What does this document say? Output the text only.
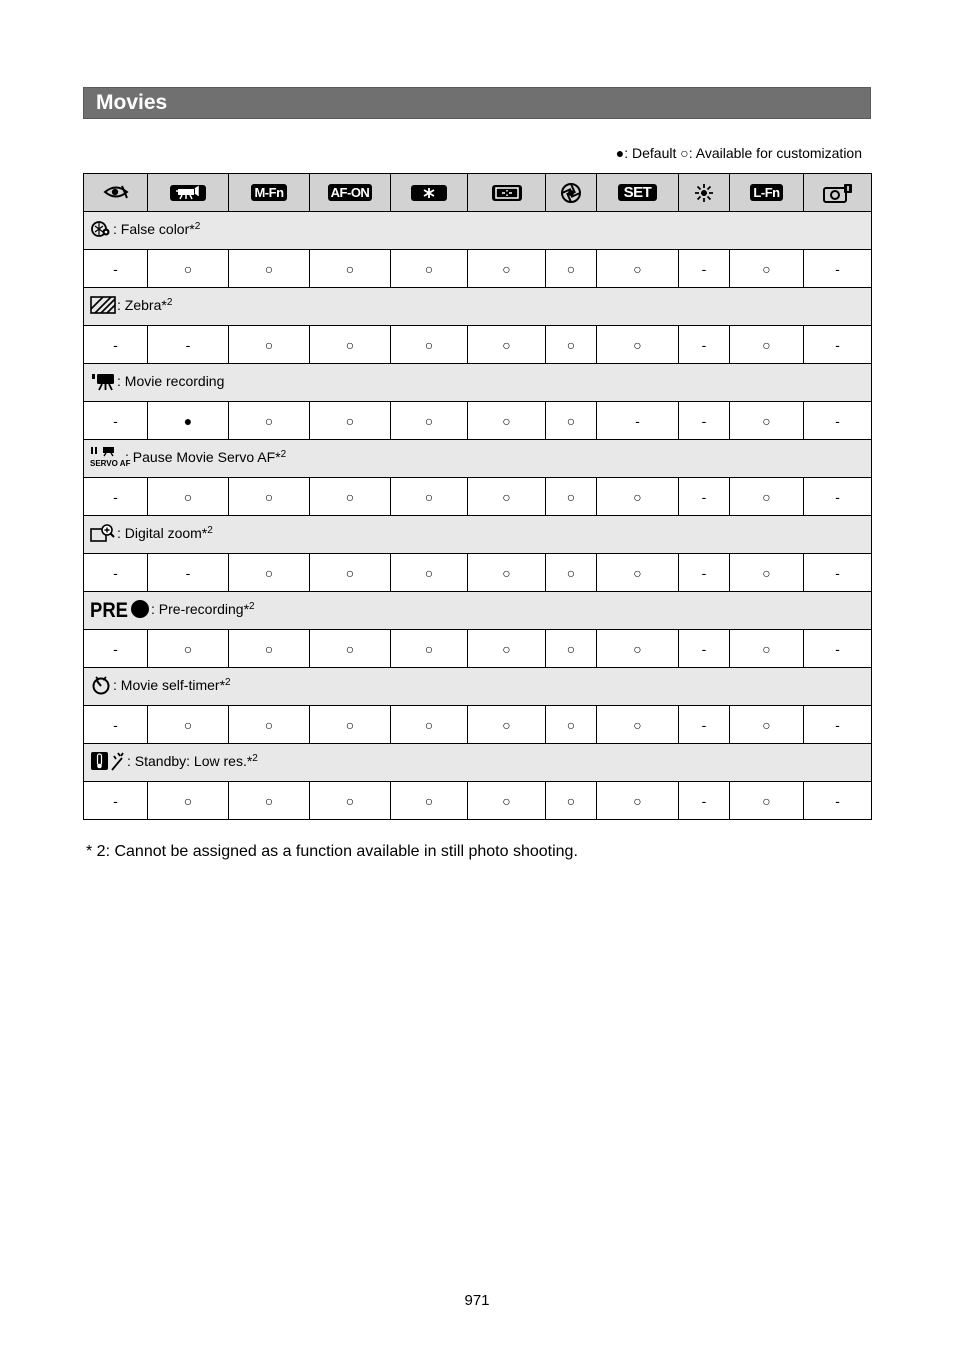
Movies
●: Default ○: Available for customization
		M-Fn	AF-ON				SET		L-Fn	
: False color*$^2$
-	○	○	○	○	○	○	○	-	○	-
: Zebra*$^2$
-	-	○	○	○	○	○	○	-	○	-
: Movie recording										
-	●	○	○	○	○	○	-	-	○	-

SERVO AF
: Pause Movie Servo AF*$^2$
-	○	○	○	○	○	○	○	-	○	-
: Digital zoom*$^2$
-	-	○	○	○	○	○	○	-	○	-

PRE : Pre-recording*$^2$
-	○	○	○	○	○	○	○	-	○	-
: Movie self-timer*$^2$
-	○	○	○	○	○	○	○	-	○	-
: Standby: Low res.*$^2$
-	○	○	○	○	○	○	○	-	○	-
* 2: Cannot be assigned as a function available in still photo shooting.
971
